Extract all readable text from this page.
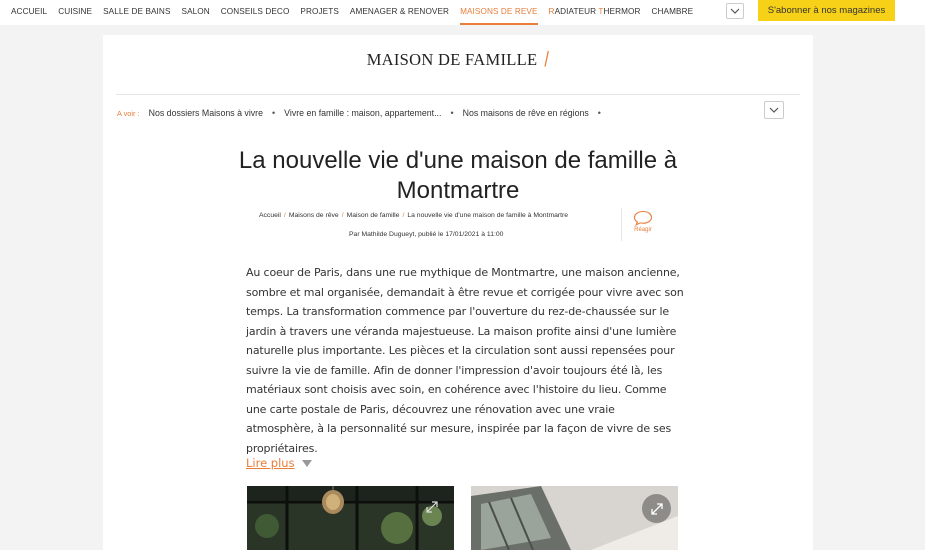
ACCUEIL CUISINE SALLE DE BAINS SALON CONSEILS DECO PROJETS AMENAGER & RENOVER MAISONS DE REVE RADIATEUR THERMOR CHAMBRE	S'abonner à nos magazines
MAISON DE FAMILLE /
A voir : Nos dossiers Maisons à vivre • Vivre en famille : maison, appartement... • Nos maisons de rêve en régions •
La nouvelle vie d'une maison de famille à Montmartre
Accueil / Maisons de rêve / Maison de famille / La nouvelle vie d'une maison de famille à Montmartre
Par Mathilde Dugueyt, publié le 17/01/2021 à 11:00
Réagir

Au coeur de Paris, dans une rue mythique de Montmartre, une maison ancienne, sombre et mal organisée, demandait à être revue et corrigée pour vivre avec son temps. La transformation commence par l'ouverture du rez-de-chaussée sur le jardin à travers une véranda majestueuse. La maison profite ainsi d'une lumière naturelle plus importante. Les pièces et la circulation sont aussi repensées pour suivre la vie de famille. Afin de donner l'impression d'avoir toujours été là, les matériaux sont choisis avec soin, en cohérence avec l'histoire du lieu. Comme une carte postale de Paris, découvrez une rénovation avec une vraie atmosphère, à la personnalité sur mesure, inspirée par la façon de vivre de ses propriétaires.

Lire plus
